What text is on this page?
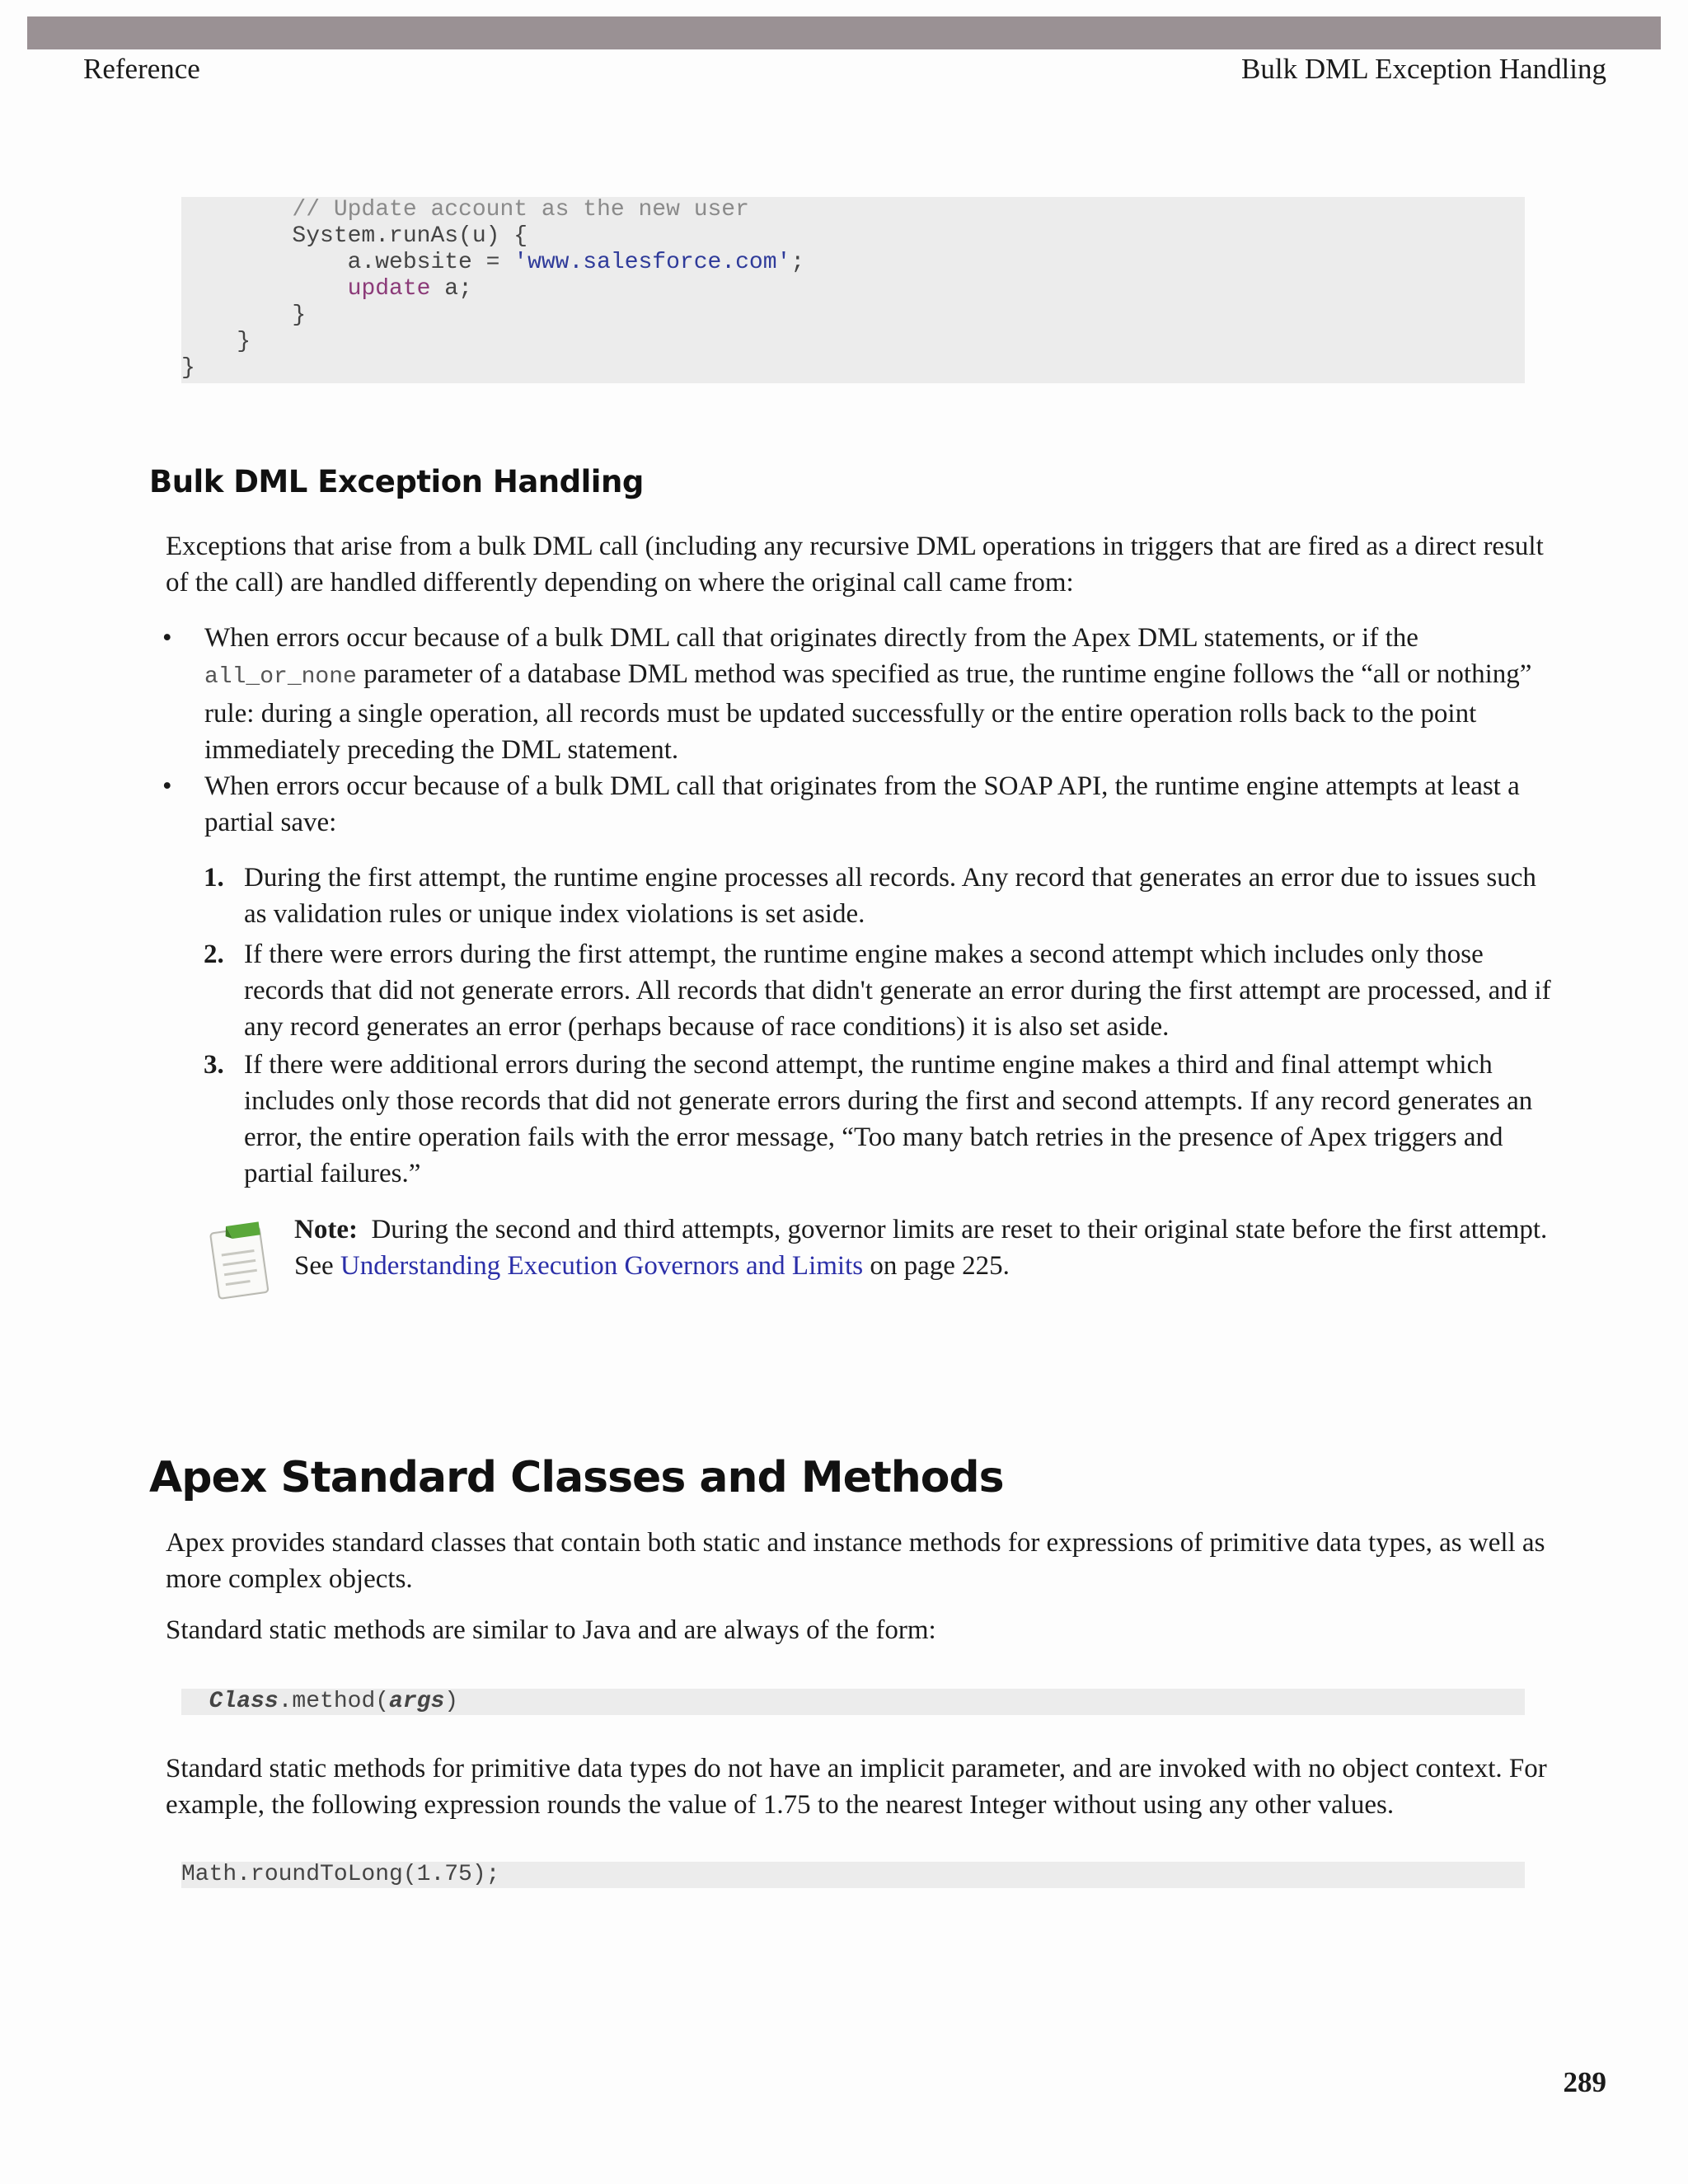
Reference	Bulk DML Exception Handling
// Update account as the new user
System.runAs(u) {
a.website = 'www.salesforce.com';
update a;
}
}
}
Bulk DML Exception Handling

Exceptions that arise from a bulk DML call (including any recursive DML operations in triggers that are fired as a direct result of the call) are handled differently depending on where the original call came from:

• When errors occur because of a bulk DML call that originates directly from the Apex DML statements, or if the all_or_none parameter of a database DML method was specified as true, the runtime engine follows the “all or nothing” rule: during a single operation, all records must be updated successfully or the entire operation rolls back to the point immediately preceding the DML statement.

• When errors occur because of a bulk DML call that originates from the SOAP API, the runtime engine attempts at least a partial save:

1. During the first attempt, the runtime engine processes all records. Any record that generates an error due to issues such as validation rules or unique index violations is set aside.

2. If there were errors during the first attempt, the runtime engine makes a second attempt which includes only those records that did not generate errors. All records that didn't generate an error during the first attempt are processed, and if any record generates an error (perhaps because of race conditions) it is also set aside.

3. If there were additional errors during the second attempt, the runtime engine makes a third and final attempt which includes only those records that did not generate errors during the first and second attempts. If any record generates an error, the entire operation fails with the error message, “Too many batch retries in the presence of Apex triggers and partial failures.”

Note: During the second and third attempts, governor limits are reset to their original state before the first attempt. See Understanding Execution Governors and Limits on page 225.

Apex Standard Classes and Methods

Apex provides standard classes that contain both static and instance methods for expressions of primitive data types, as well as more complex objects.

Standard static methods are similar to Java and are always of the form:

Class.method(args)

Standard static methods for primitive data types do not have an implicit parameter, and are invoked with no object context. For example, the following expression rounds the value of 1.75 to the nearest Integer without using any other values.

Math.roundToLong(1.75);
289
